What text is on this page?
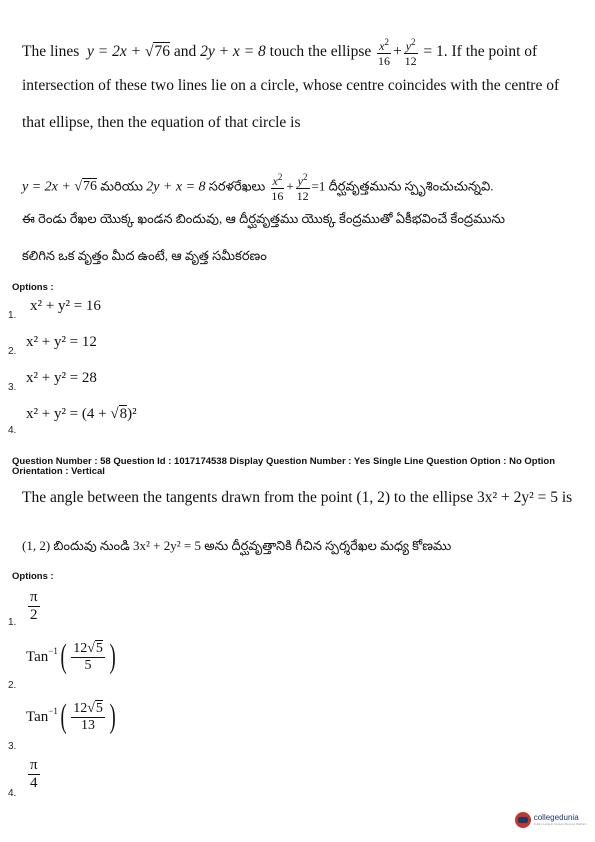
The lines y = 2x + √76 and 2y + x = 8 touch the ellipse $\frac{x^2}{16} + \frac{y^2}{12} = 1$. If the point of
intersection of these two lines lie on a circle, whose centre coincides with the centre of
that ellipse, then the equation of that circle is
y = 2x + √76 మరియు 2y + x = 8 సరళరేఖలు $\frac{x^2}{16} + \frac{y^2}{12} =1$ దీర్ఘవృత్తమును స్పృశించుచున్నవి.
ఈ రెండు రేఖల యొక్క ఖండన బిందువు, ఆ దీర్ఘవృత్తము యొక్క కేంద్రముతో ఏకీభవించే కేంద్రమును
కలిగిన ఒక వృత్తం మీద ఉంటే, ఆ వృత్త సమీకరణం
Options :
1.
x² + y² = 16
2.
x² + y² = 12
3.
x² + y² = 28
4.
x² + y² = (4 + √8)²
Question Number : 58 Question Id : 1017174538 Display Question Number : Yes Single Line Question Option : No Option
Orientation : Vertical
The angle between the tangents drawn from the point (1, 2) to the ellipse 3x² + 2y² = 5 is
(1, 2) బిందువు నుండి 3x² + 2y² = 5 అను దీర్ఘవృత్తానికి గీచిన స్పర్శరేఖల మధ్య కోణము
Options :
1. $\frac{\pi}{2}$
2.
Tan$^{-1}$ ( $\frac{12√5}{5}$ )
3.
Tan$^{-1}$ ( $\frac{12√5}{13}$ )
4.
$\frac{\pi}{4}$
collegedunia
India's Largest Student Review Platform
